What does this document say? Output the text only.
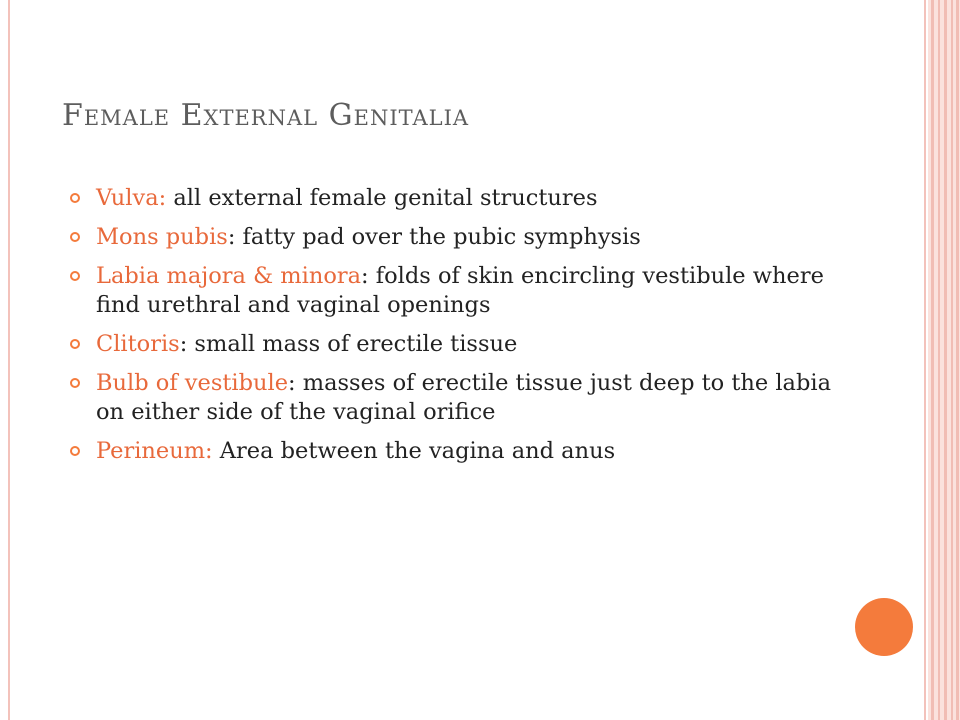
Female External Genitalia
Vulva: all external female genital structures
Mons pubis: fatty pad over the pubic symphysis
Labia majora & minora: folds of skin encircling vestibule where find urethral and vaginal openings
Clitoris: small mass of erectile tissue
Bulb of vestibule: masses of erectile tissue just deep to the labia on either side of the vaginal orifice
Perineum: Area between the vagina and anus
